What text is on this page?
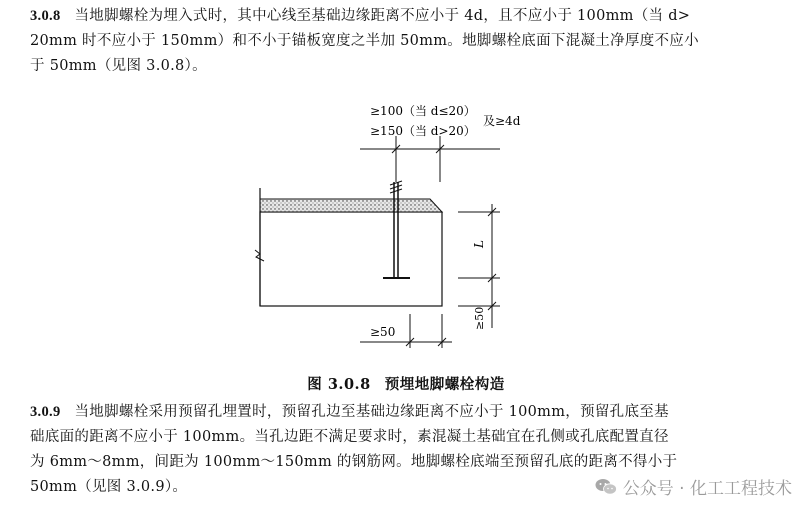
3.0.8 当地脚螺栓为埋入式时，其中心线至基础边缘距离不应小于 4d，且不应小于 100mm（当 d>
20mm 时不应小于 150mm）和不小于锚板宽度之半加 50mm。地脚螺栓底面下混凝土净厚度不应小
于 50mm（见图 3.0.8）。
≥100（当 d≤20）
≥150（当 d>20）
及≥4d
L
≥50
≥50
图 3.0.8 预埋地脚螺栓构造
3.0.9 当地脚螺栓采用预留孔埋置时，预留孔边至基础边缘距离不应小于 100mm，预留孔底至基
础底面的距离不应小于 100mm。当孔边距不满足要求时，素混凝土基础宜在孔侧或孔底配置直径
为 6mm～8mm，间距为 100mm～150mm 的钢筋网。地脚螺栓底端至预留孔底的距离不得小于
50mm（见图 3.0.9）。	公众号 · 化工工程技术
